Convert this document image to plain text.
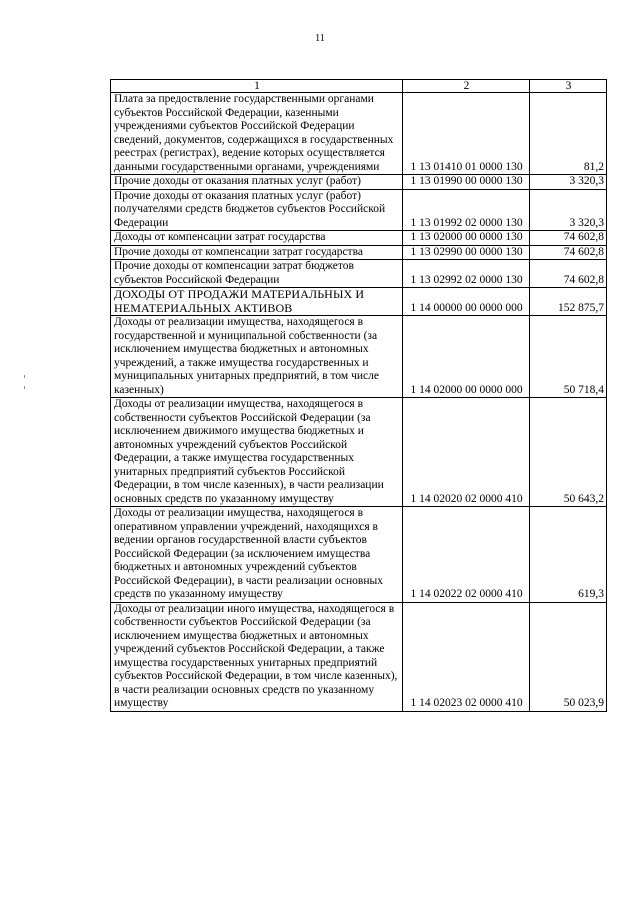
11
1	2	3
Плата за предоствление государственными органами субъектов Российской Федерации, казенными учреждениями субъектов Российской Федерации сведений, документов, содержащихся в государственных реестрах (регистрах), ведение которых осуществляется данными государственными органами, учреждениями	1 13 01410 01 0000 130	81,2
Прочие доходы от оказания платных услуг (работ)	1 13 01990 00 0000 130	3 320,3
Прочие доходы от оказания платных услуг (работ) получателями средств бюджетов субъектов Российской Федерации	1 13 01992 02 0000 130	3 320,3
Доходы от компенсации затрат государства	1 13 02000 00 0000 130	74 602,8
Прочие доходы от компенсации затрат государства	1 13 02990 00 0000 130	74 602,8
Прочие доходы от компенсации затрат бюджетов субъектов Российской Федерации	1 13 02992 02 0000 130	74 602,8
ДОХОДЫ ОТ ПРОДАЖИ МАТЕРИАЛЬНЫХ И НЕМАТЕРИАЛЬНЫХ АКТИВОВ	1 14 00000 00 0000 000	152 875,7
Доходы от реализации имущества, находящегося в государственной и муниципальной собственности (за исключением имущества бюджетных и автономных учреждений, а также имущества государственных и муниципальных унитарных предприятий, в том числе казенных)	1 14 02000 00 0000 000	50 718,4
Доходы от реализации имущества, находящегося в собственности субъектов Российской Федерации (за исключением движимого имущества бюджетных и автономных учреждений субъектов Российской Федерации, а также имущества государственных унитарных предприятий субъектов Российской Федерации, в том числе казенных), в части реализации основных средств по указанному имуществу	1 14 02020 02 0000 410	50 643,2
Доходы от реализации имущества, находящегося в оперативном управлении учреждений, находящихся в ведении органов государственной власти субъектов Российской Федерации (за исключением имущества бюджетных и автономных учреждений субъектов Российской Федерации), в части реализации основных средств по указанному имуществу	1 14 02022 02 0000 410	619,3
Доходы от реализации иного имущества, находящегося в собственности субъектов Российской Федерации (за исключением имущества бюджетных и автономных учреждений субъектов Российской Федерации, а также имущества государственных унитарных предприятий субъектов Российской Федерации, в том числе казенных), в части реализации основных средств по указанному имуществу	1 14 02023 02 0000 410	50 023,9
